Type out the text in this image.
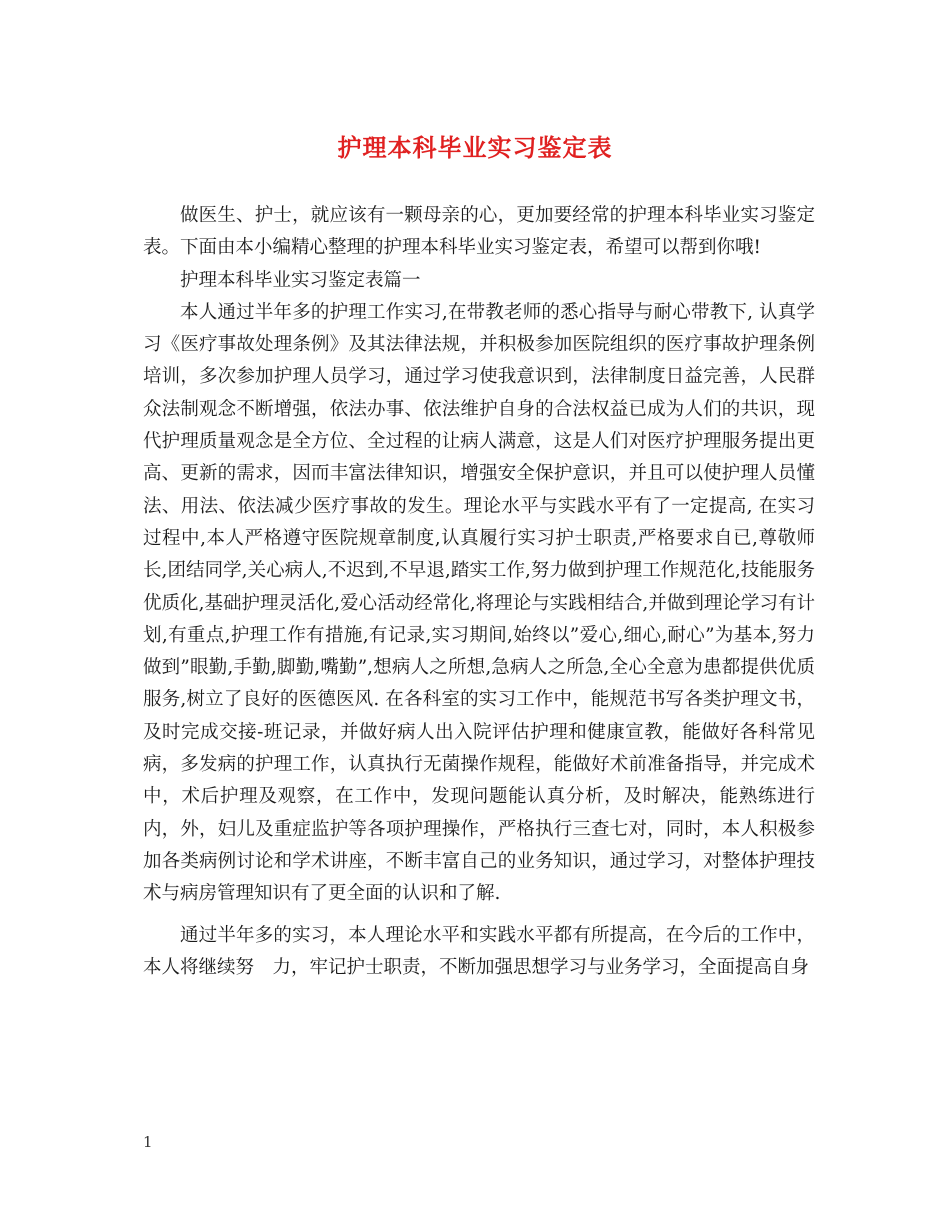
护理本科毕业实习鉴定表

做医生、护士，就应该有一颗母亲的心，更加要经常的护理本科毕业实习鉴定表。下面由本小编精心整理的护理本科毕业实习鉴定表，希望可以帮到你哦!

护理本科毕业实习鉴定表篇一

本人通过半年多的护理工作实习,在带教老师的悉心指导与耐心带教下, 认真学习《医疗事故处理条例》及其法律法规，并积极参加医院组织的医疗事故护理条例培训，多次参加护理人员学习，通过学习使我意识到，法律制度日益完善，人民群众法制观念不断增强，依法办事、依法维护自身的合法权益已成为人们的共识，现代护理质量观念是全方位、全过程的让病人满意，这是人们对医疗护理服务提出更高、更新的需求，因而丰富法律知识，增强安全保护意识，并且可以使护理人员懂法、用法、依法减少医疗事故的发生。理论水平与实践水平有了一定提高, 在实习过程中,本人严格遵守医院规章制度,认真履行实习护士职责,严格要求自已,尊敬师长,团结同学,关心病人,不迟到,不早退,踏实工作,努力做到护理工作规范化,技能服务优质化,基础护理灵活化,爱心活动经常化,将理论与实践相结合,并做到理论学习有计划,有重点,护理工作有措施,有记录,实习期间,始终以”爱心,细心,耐心”为基本,努力做到”眼勤,手勤,脚勤,嘴勤”,想病人之所想,急病人之所急,全心全意为患都提供优质服务,树立了良好的医德医风. 在各科室的实习工作中，能规范书写各类护理文书，及时完成交接-班记录，并做好病人出入院评估护理和健康宣教，能做好各科常见病，多发病的护理工作，认真执行无菌操作规程，能做好术前准备指导，并完成术中，术后护理及观察，在工作中，发现问题能认真分析，及时解决，能熟练进行内，外，妇儿及重症监护等各项护理操作，严格执行三查七对，同时，本人积极参加各类病例讨论和学术讲座，不断丰富自己的业务知识，通过学习，对整体护理技术与病房管理知识有了更全面的认识和了解.

通过半年多的实习，本人理论水平和实践水平都有所提高，在今后的工作中，本人将继续努　力，牢记护士职责，不断加强思想学习与业务学习，全面提高自身

1
